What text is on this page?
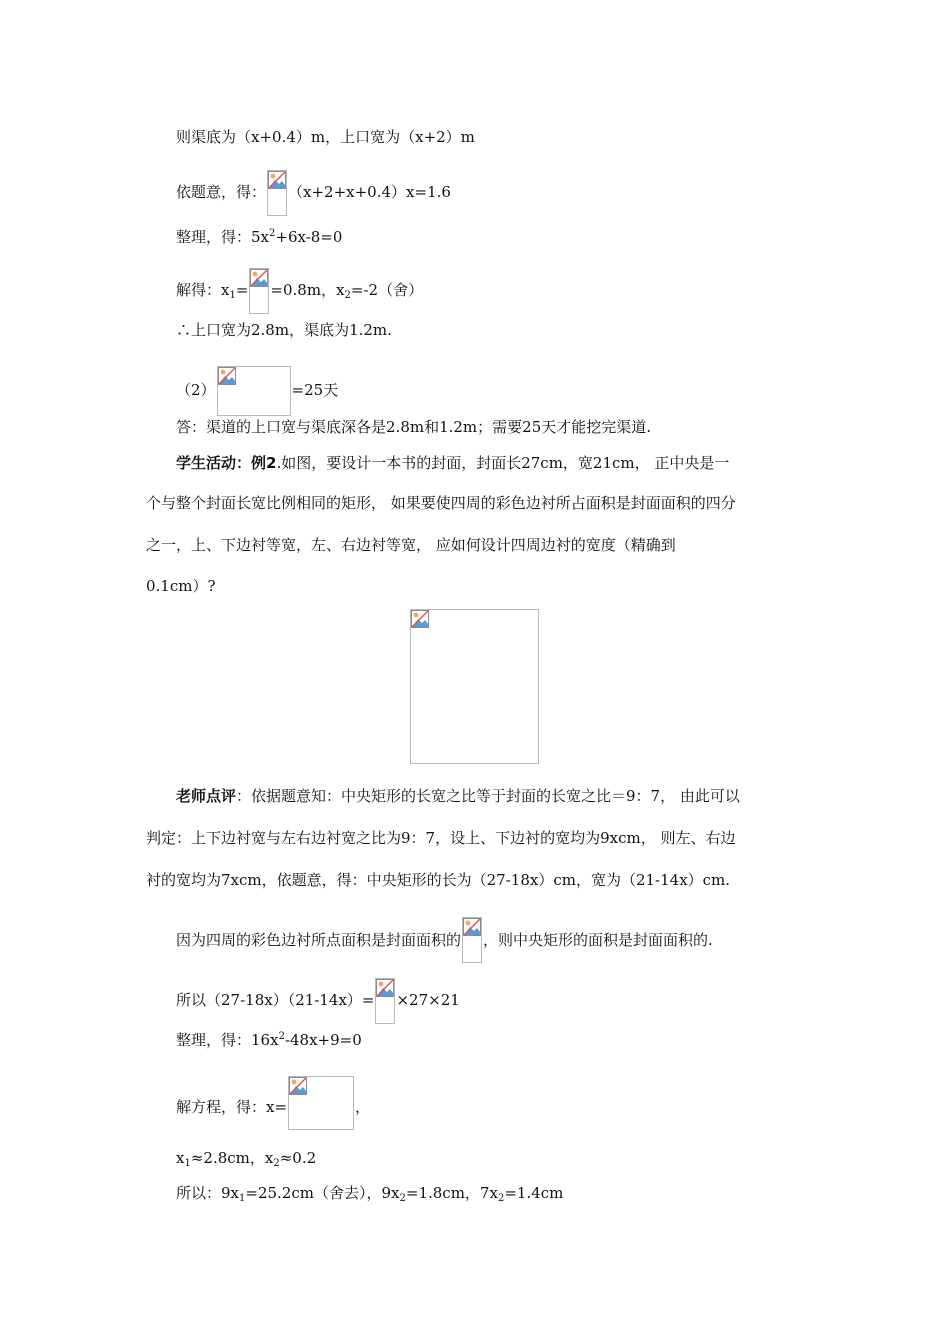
则渠底为（x+0.4）m，上口宽为（x+2）m
依题意，得： （x+2+x+0.4）x=1.6
整理，得：$5x^2+6x-8=0$
解得：$x_1= =0.8m$，$x_2=-2$（舍）
∴上口宽为2.8m，渠底为1.2m.
（2）	=25天
答：渠道的上口宽与渠底深各是2.8m和1.2m；需要25天才能挖完渠道.
学生活动：例2.如图，要设计一本书的封面，封面长27cm，宽21cm， 正中央是一
个与整个封面长宽比例相同的矩形， 如果要使四周的彩色边衬所占面积是封面面积的四分
之一，上、下边衬等宽，左、右边衬等宽， 应如何设计四周边衬的宽度（精确到
0.1cm）?
老师点评：依据题意知：中央矩形的长宽之比等于封面的长宽之比＝9：7， 由此可以
判定：上下边衬宽与左右边衬宽之比为9：7，设上、下边衬的宽均为9xcm， 则左、右边
衬的宽均为7xcm，依题意，得：中央矩形的长为（27-18x）cm，宽为（21-14x）cm.
因为四周的彩色边衬所点面积是封面面积的 ，则中央矩形的面积是封面面积的.
所以（27-18x）（21-14x）= ×27×21
整理，得：$16x^2-48x+9=0$
解方程，得：x=	，
$x_1\approx 2.8cm$，$x_2\approx 0.2$
所以：$9x_1=25.2cm$（舍去），$9x_2=1.8cm$，$7x_2=1.4cm$
